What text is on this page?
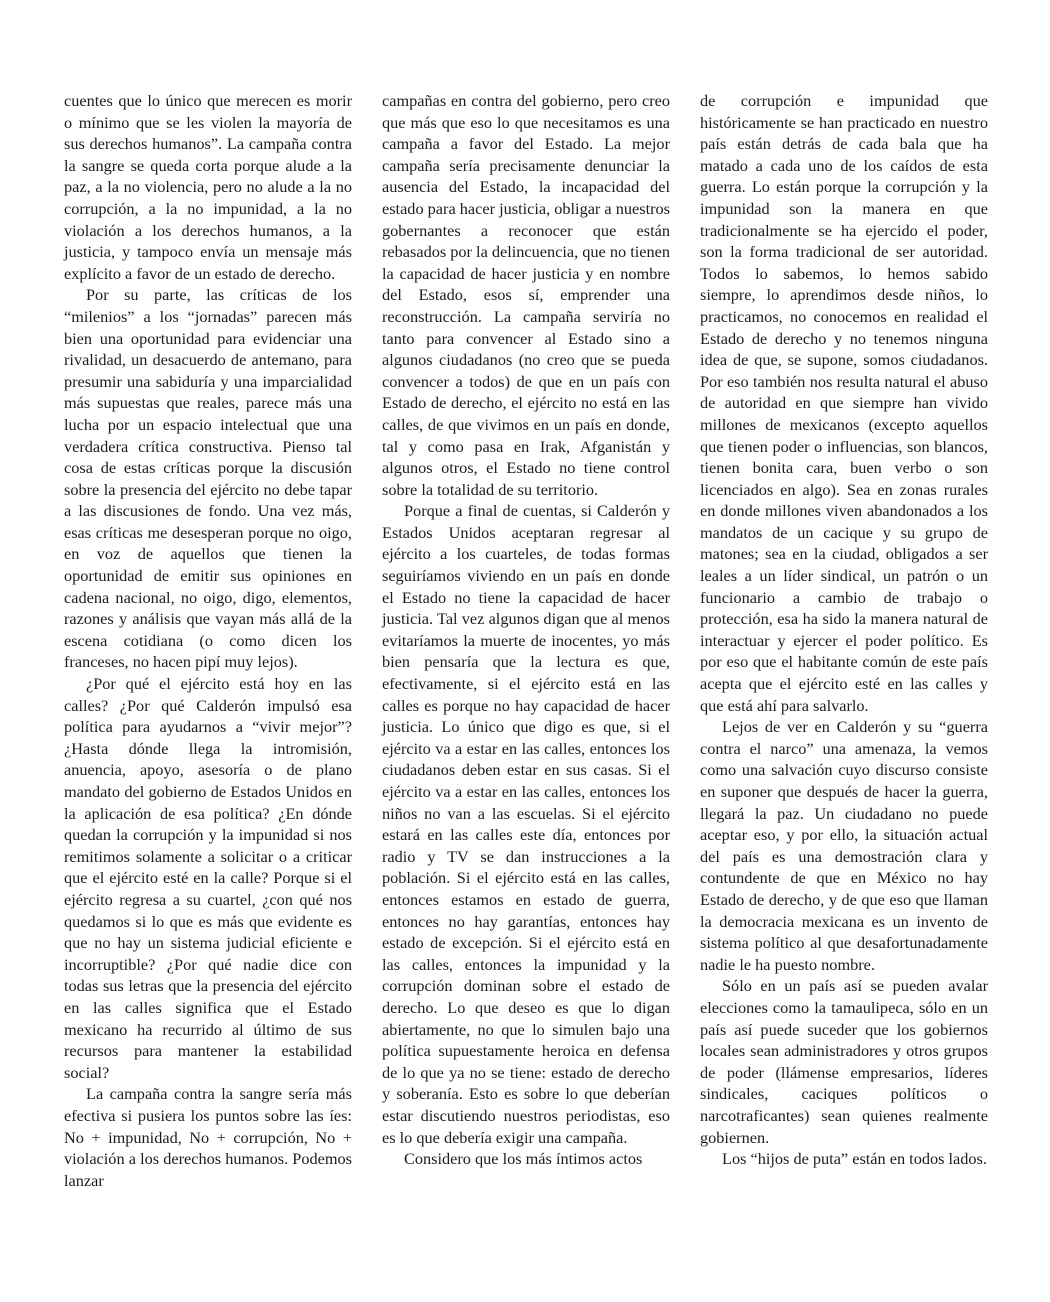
cuentes que lo único que merecen es morir o mínimo que se les violen la mayoría de sus derechos humanos”. La campaña contra la sangre se queda corta porque alude a la paz, a la no violencia, pero no alude a la no corrupción, a la no impunidad, a la no violación a los derechos humanos, a la justicia, y tampoco envía un mensaje más explícito a favor de un estado de derecho.

Por su parte, las críticas de los “milenios” a los “jornadas” parecen más bien una oportunidad para evidenciar una rivalidad, un desacuerdo de antemano, para presumir una sabiduría y una imparcialidad más supuestas que reales, parece más una lucha por un espacio intelectual que una verdadera crítica constructiva. Pienso tal cosa de estas críticas porque la discusión sobre la presencia del ejército no debe tapar a las discusiones de fondo. Una vez más, esas críticas me desesperan porque no oigo, en voz de aquellos que tienen la oportunidad de emitir sus opiniones en cadena nacional, no oigo, digo, elementos, razones y análisis que vayan más allá de la escena cotidiana (o como dicen los franceses, no hacen pipí muy lejos).

¿Por qué el ejército está hoy en las calles? ¿Por qué Calderón impulsó esa política para ayudarnos a “vivir mejor”? ¿Hasta dónde llega la intromisión, anuencia, apoyo, asesoría o de plano mandato del gobierno de Estados Unidos en la aplicación de esa política? ¿En dónde quedan la corrupción y la impunidad si nos remitimos solamente a solicitar o a criticar que el ejército esté en la calle? Porque si el ejército regresa a su cuartel, ¿con qué nos quedamos si lo que es más que evidente es que no hay un sistema judicial eficiente e incorruptible? ¿Por qué nadie dice con todas sus letras que la presencia del ejército en las calles significa que el Estado mexicano ha recurrido al último de sus recursos para mantener la estabilidad social?

La campaña contra la sangre sería más efectiva si pusiera los puntos sobre las íes: No + impunidad, No + corrupción, No + violación a los derechos humanos. Podemos lanzar

campañas en contra del gobierno, pero creo que más que eso lo que necesitamos es una campaña a favor del Estado. La mejor campaña sería precisamente denunciar la ausencia del Estado, la incapacidad del estado para hacer justicia, obligar a nuestros gobernantes a reconocer que están rebasados por la delincuencia, que no tienen la capacidad de hacer justicia y en nombre del Estado, esos sí, emprender una reconstrucción. La campaña serviría no tanto para convencer al Estado sino a algunos ciudadanos (no creo que se pueda convencer a todos) de que en un país con Estado de derecho, el ejército no está en las calles, de que vivimos en un país en donde, tal y como pasa en Irak, Afganistán y algunos otros, el Estado no tiene control sobre la totalidad de su territorio.

Porque a final de cuentas, si Calderón y Estados Unidos aceptaran regresar al ejército a los cuarteles, de todas formas seguiríamos viviendo en un país en donde el Estado no tiene la capacidad de hacer justicia. Tal vez algunos digan que al menos evitaríamos la muerte de inocentes, yo más bien pensaría que la lectura es que, efectivamente, si el ejército está en las calles es porque no hay capacidad de hacer justicia. Lo único que digo es que, si el ejército va a estar en las calles, entonces los ciudadanos deben estar en sus casas. Si el ejército va a estar en las calles, entonces los niños no van a las escuelas. Si el ejército estará en las calles este día, entonces por radio y TV se dan instrucciones a la población. Si el ejército está en las calles, entonces estamos en estado de guerra, entonces no hay garantías, entonces hay estado de excepción. Si el ejército está en las calles, entonces la impunidad y la corrupción dominan sobre el estado de derecho. Lo que deseo es que lo digan abiertamente, no que lo simulen bajo una política supuestamente heroica en defensa de lo que ya no se tiene: estado de derecho y soberanía. Esto es sobre lo que deberían estar discutiendo nuestros periodistas, eso es lo que debería exigir una campaña.

Considero que los más íntimos actos

de corrupción e impunidad que históricamente se han practicado en nuestro país están detrás de cada bala que ha matado a cada uno de los caídos de esta guerra. Lo están porque la corrupción y la impunidad son la manera en que tradicionalmente se ha ejercido el poder, son la forma tradicional de ser autoridad. Todos lo sabemos, lo hemos sabido siempre, lo aprendimos desde niños, lo practicamos, no conocemos en realidad el Estado de derecho y no tenemos ninguna idea de que, se supone, somos ciudadanos. Por eso también nos resulta natural el abuso de autoridad en que siempre han vivido millones de mexicanos (excepto aquellos que tienen poder o influencias, son blancos, tienen bonita cara, buen verbo o son licenciados en algo). Sea en zonas rurales en donde millones viven abandonados a los mandatos de un cacique y su grupo de matones; sea en la ciudad, obligados a ser leales a un líder sindical, un patrón o un funcionario a cambio de trabajo o protección, esa ha sido la manera natural de interactuar y ejercer el poder político. Es por eso que el habitante común de este país acepta que el ejército esté en las calles y que está ahí para salvarlo.

Lejos de ver en Calderón y su “guerra contra el narco” una amenaza, la vemos como una salvación cuyo discurso consiste en suponer que después de hacer la guerra, llegará la paz. Un ciudadano no puede aceptar eso, y por ello, la situación actual del país es una demostración clara y contundente de que en México no hay Estado de derecho, y de que eso que llaman la democracia mexicana es un invento de sistema político al que desafortunadamente nadie le ha puesto nombre.

Sólo en un país así se pueden avalar elecciones como la tamaulipeca, sólo en un país así puede suceder que los gobiernos locales sean administradores y otros grupos de poder (llámense empresarios, líderes sindicales, caciques políticos o narcotraficantes) sean quienes realmente gobiernen.

Los “hijos de puta” están en todos lados.
